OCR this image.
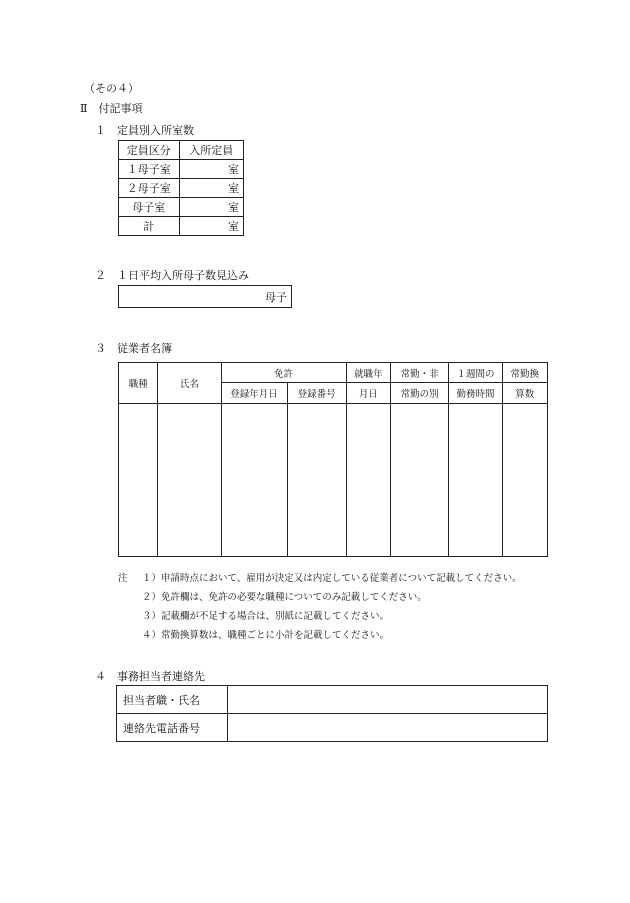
（その４）
Ⅱ　付記事項
１ 定員別入所室数
定員区分	入所定員
１母子室	室
２母子室	室
母子室	室
計	室
２ １日平均入所母子数見込み
母子
３ 従業者名簿
職種	氏名	免許		就職年	常勤・非	１週間の	常勤換
		登録年月日	登録番号	月日	常勤の別	勤務時間	算数

注 １）申請時点において、雇用が決定又は内定している従業者について記載してください。
２）免許欄は、免許の必要な職種についてのみ記載してください。
３）記載欄が不足する場合は、別紙に記載してください。
４）常勤換算数は、職種ごとに小計を記載してください。
４ 事務担当者連絡先
担当者職・氏名	
連絡先電話番号	
